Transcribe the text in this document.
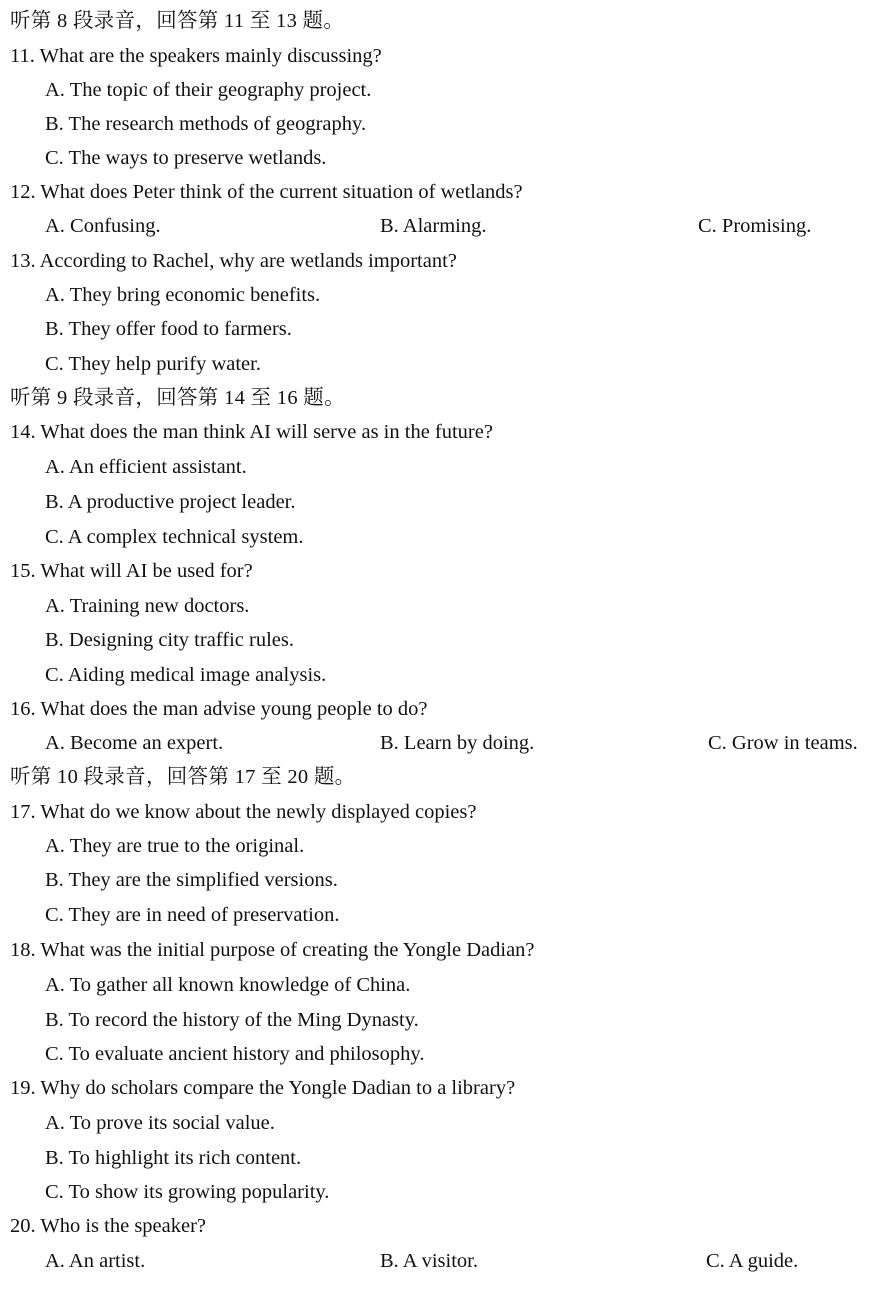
听第 8 段录音，回答第 11 至 13 题。
11. What are the speakers mainly discussing?
A. The topic of their geography project.
B. The research methods of geography.
C. The ways to preserve wetlands.
12. What does Peter think of the current situation of wetlands?
A. Confusing.	B. Alarming.	C. Promising.
13. According to Rachel, why are wetlands important?
A. They bring economic benefits.
B. They offer food to farmers.
C. They help purify water.
听第 9 段录音，回答第 14 至 16 题。
14. What does the man think AI will serve as in the future?
A. An efficient assistant.
B. A productive project leader.
C. A complex technical system.
15. What will AI be used for?
A. Training new doctors.
B. Designing city traffic rules.
C. Aiding medical image analysis.
16. What does the man advise young people to do?
A. Become an expert.	B. Learn by doing.	C. Grow in teams.
听第 10 段录音，回答第 17 至 20 题。
17. What do we know about the newly displayed copies?
A. They are true to the original.
B. They are the simplified versions.
C. They are in need of preservation.
18. What was the initial purpose of creating the Yongle Dadian?
A. To gather all known knowledge of China.
B. To record the history of the Ming Dynasty.
C. To evaluate ancient history and philosophy.
19. Why do scholars compare the Yongle Dadian to a library?
A. To prove its social value.
B. To highlight its rich content.
C. To show its growing popularity.
20. Who is the speaker?
A. An artist.	B. A visitor.	C. A guide.
